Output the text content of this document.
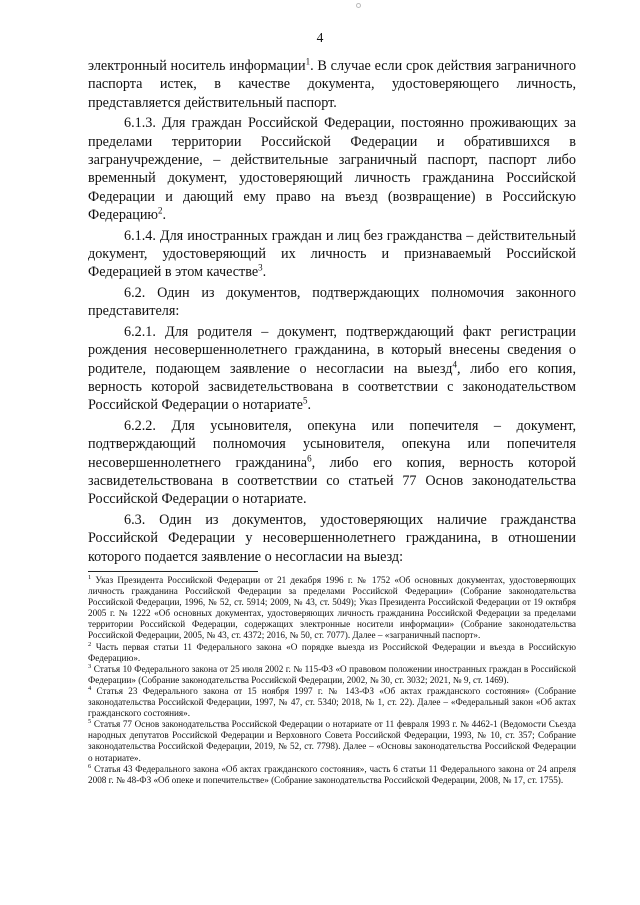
4

электронный носитель информации$^1$. В случае если срок действия заграничного паспорта истек, в качестве документа, удостоверяющего личность, представляется действительный паспорт.

6.1.3. Для граждан Российской Федерации, постоянно проживающих за пределами территории Российской Федерации и обратившихся в загранучреждение, – действительные заграничный паспорт, паспорт либо временный документ, удостоверяющий личность гражданина Российской Федерации и дающий ему право на въезд (возвращение) в Российскую Федерацию$^2$.

6.1.4. Для иностранных граждан и лиц без гражданства – действительный документ, удостоверяющий их личность и признаваемый Российской Федерацией в этом качестве$^3$.

6.2. Один из документов, подтверждающих полномочия законного представителя:

6.2.1. Для родителя – документ, подтверждающий факт регистрации рождения несовершеннолетнего гражданина, в который внесены сведения о родителе, подающем заявление о несогласии на выезд$^4$, либо его копия, верность которой засвидетельствована в соответствии с законодательством Российской Федерации о нотариате$^5$.

6.2.2. Для усыновителя, опекуна или попечителя – документ, подтверждающий полномочия усыновителя, опекуна или попечителя несовершеннолетнего гражданина$^6$, либо его копия, верность которой засвидетельствована в соответствии со статьей 77 Основ законодательства Российской Федерации о нотариате.

6.3. Один из документов, удостоверяющих наличие гражданства Российской Федерации у несовершеннолетнего гражданина, в отношении которого подается заявление о несогласии на выезд:

$^1$ Указ Президента Российской Федерации от 21 декабря 1996 г. № 1752 «Об основных документах, удостоверяющих личность гражданина Российской Федерации за пределами Российской Федерации» (Собрание законодательства Российской Федерации, 1996, № 52, ст. 5914; 2009, № 43, ст. 5049); Указ Президента Российской Федерации от 19 октября 2005 г. № 1222 «Об основных документах, удостоверяющих личность гражданина Российской Федерации за пределами территории Российской Федерации, содержащих электронные носители информации» (Собрание законодательства Российской Федерации, 2005, № 43, ст. 4372; 2016, № 50, ст. 7077). Далее – «заграничный паспорт».

$^2$ Часть первая статьи 11 Федерального закона «О порядке выезда из Российской Федерации и въезда в Российскую Федерацию».

$^3$ Статья 10 Федерального закона от 25 июля 2002 г. № 115-ФЗ «О правовом положении иностранных граждан в Российской Федерации» (Собрание законодательства Российской Федерации, 2002, № 30, ст. 3032; 2021, № 9, ст. 1469).

$^4$ Статья 23 Федерального закона от 15 ноября 1997 г. № 143-ФЗ «Об актах гражданского состояния» (Собрание законодательства Российской Федерации, 1997, № 47, ст. 5340; 2018, № 1, ст. 22). Далее – «Федеральный закон «Об актах гражданского состояния».

$^5$ Статья 77 Основ законодательства Российской Федерации о нотариате от 11 февраля 1993 г. № 4462-1 (Ведомости Съезда народных депутатов Российской Федерации и Верховного Совета Российской Федерации, 1993, № 10, ст. 357; Собрание законодательства Российской Федерации, 2019, № 52, ст. 7798). Далее – «Основы законодательства Российской Федерации о нотариате».

$^6$ Статья 43 Федерального закона «Об актах гражданского состояния», часть 6 статьи 11 Федерального закона от 24 апреля 2008 г. № 48-ФЗ «Об опеке и попечительстве» (Собрание законодательства Российской Федерации, 2008, № 17, ст. 1755).
